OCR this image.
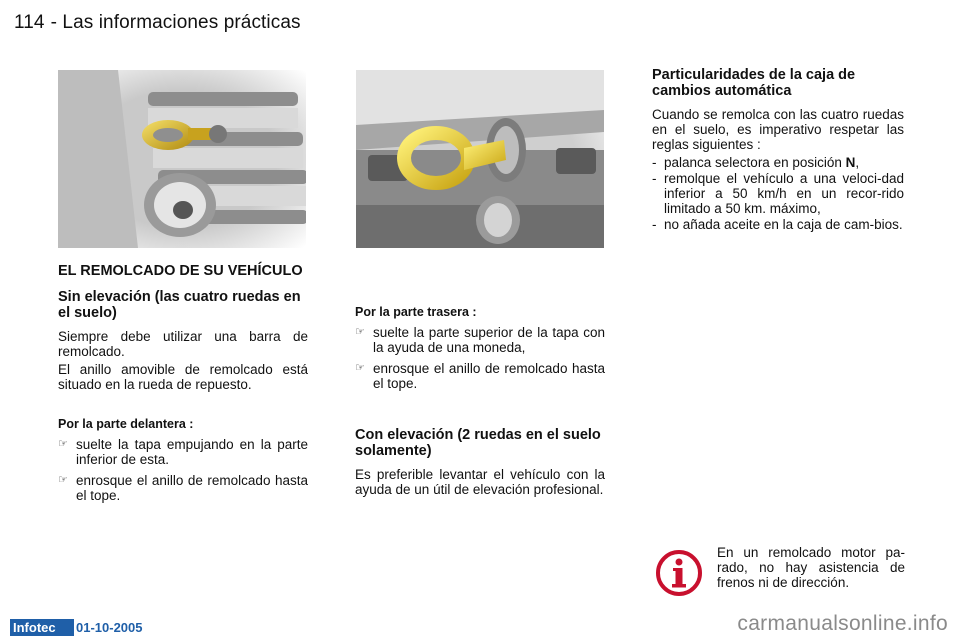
114 - Las informaciones prácticas
EL REMOLCADO DE SU VEHÍCULO
Sin elevación (las cuatro ruedas en el suelo)

Siempre debe utilizar una barra de remolcado.

El anillo amovible de remolcado está situado en la rueda de repuesto.

Por la parte delantera :
☞ suelte la tapa empujando en la parte inferior de esta.
☞ enrosque el anillo de remolcado hasta el tope.
Por la parte trasera :
☞ suelte la parte superior de la tapa con la ayuda de una moneda,
☞ enrosque el anillo de remolcado hasta el tope.
Con elevación (2 ruedas en el suelo solamente)

Es preferible levantar el vehículo con la ayuda de un útil de elevación profesional.

Particularidades de la caja de cambios automática

Cuando se remolca con las cuatro ruedas en el suelo, es imperativo respetar las reglas siguientes :

- palanca selectora en posición N,
- remolque el vehículo a una veloci-dad inferior a 50 km/h en un recor-rido limitado a 50 km. máximo,
- no añada aceite en la caja de cam-bios.
En un remolcado motor pa-rado, no hay asistencia de frenos ni de dirección.
Infotec	01-10-2005	carmanualsonline.info
